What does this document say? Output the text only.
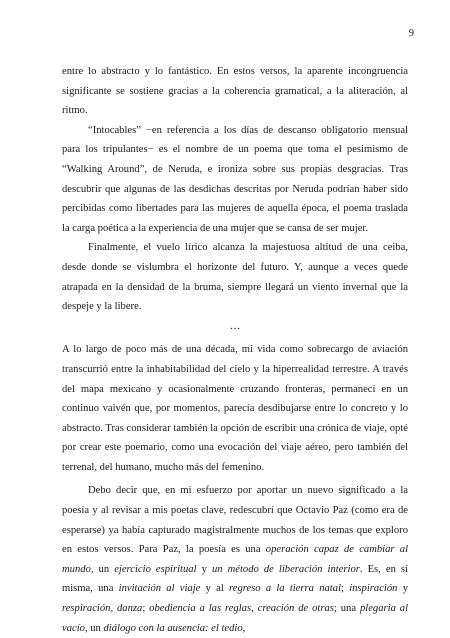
9

entre lo abstracto y lo fantástico. En estos versos, la aparente incongruencia significante se sostiene gracias a la coherencia gramatical, a la aliteración, al ritmo.

“Intocables” −en referencia a los días de descanso obligatorio mensual para los tripulantes− es el nombre de un poema que toma el pesimismo de “Walking Around”, de Neruda, e ironiza sobre sus propias desgracias. Tras descubrir que algunas de las desdichas descritas por Neruda podrían haber sido percibidas como libertades para las mujeres de aquella época, el poema traslada la carga poética a la experiencia de una mujer que se cansa de ser mujer.

Finalmente, el vuelo lírico alcanza la majestuosa altitud de una ceiba, desde donde se vislumbra el horizonte del futuro. Y, aunque a veces quede atrapada en la densidad de la bruma, siempre llegará un viento invernal que la despeje y la libere.

…

A lo largo de poco más de una década, mi vida como sobrecargo de aviación transcurrió entre la inhabitabilidad del cielo y la hiperrealidad terrestre. A través del mapa mexicano y ocasionalmente cruzando fronteras, permanecí en un continuo vaivén que, por momentos, parecía desdibujarse entre lo concreto y lo abstracto. Tras considerar también la opción de escribir una crónica de viaje, opté por crear este poemario, como una evocación del viaje aéreo, pero también del terrenal, del humano, mucho más del femenino.

Debo decir que, en mi esfuerzo por aportar un nuevo significado a la poesía y al revisar a mis poetas clave, redescubrí que Octavio Paz (como era de esperarse) ya había capturado magistralmente muchos de los temas que exploro en estos versos. Para Paz, la poesía es una operación capaz de cambiar al mundo, un ejercicio espiritual y un método de liberación interior. Es, en sí misma, una invitación al viaje y al regreso a la tierra natal; inspiración y respiración, danza; obediencia a las reglas, creación de otras; una plegaria al vacío, un diálogo con la ausencia: el tedio,
